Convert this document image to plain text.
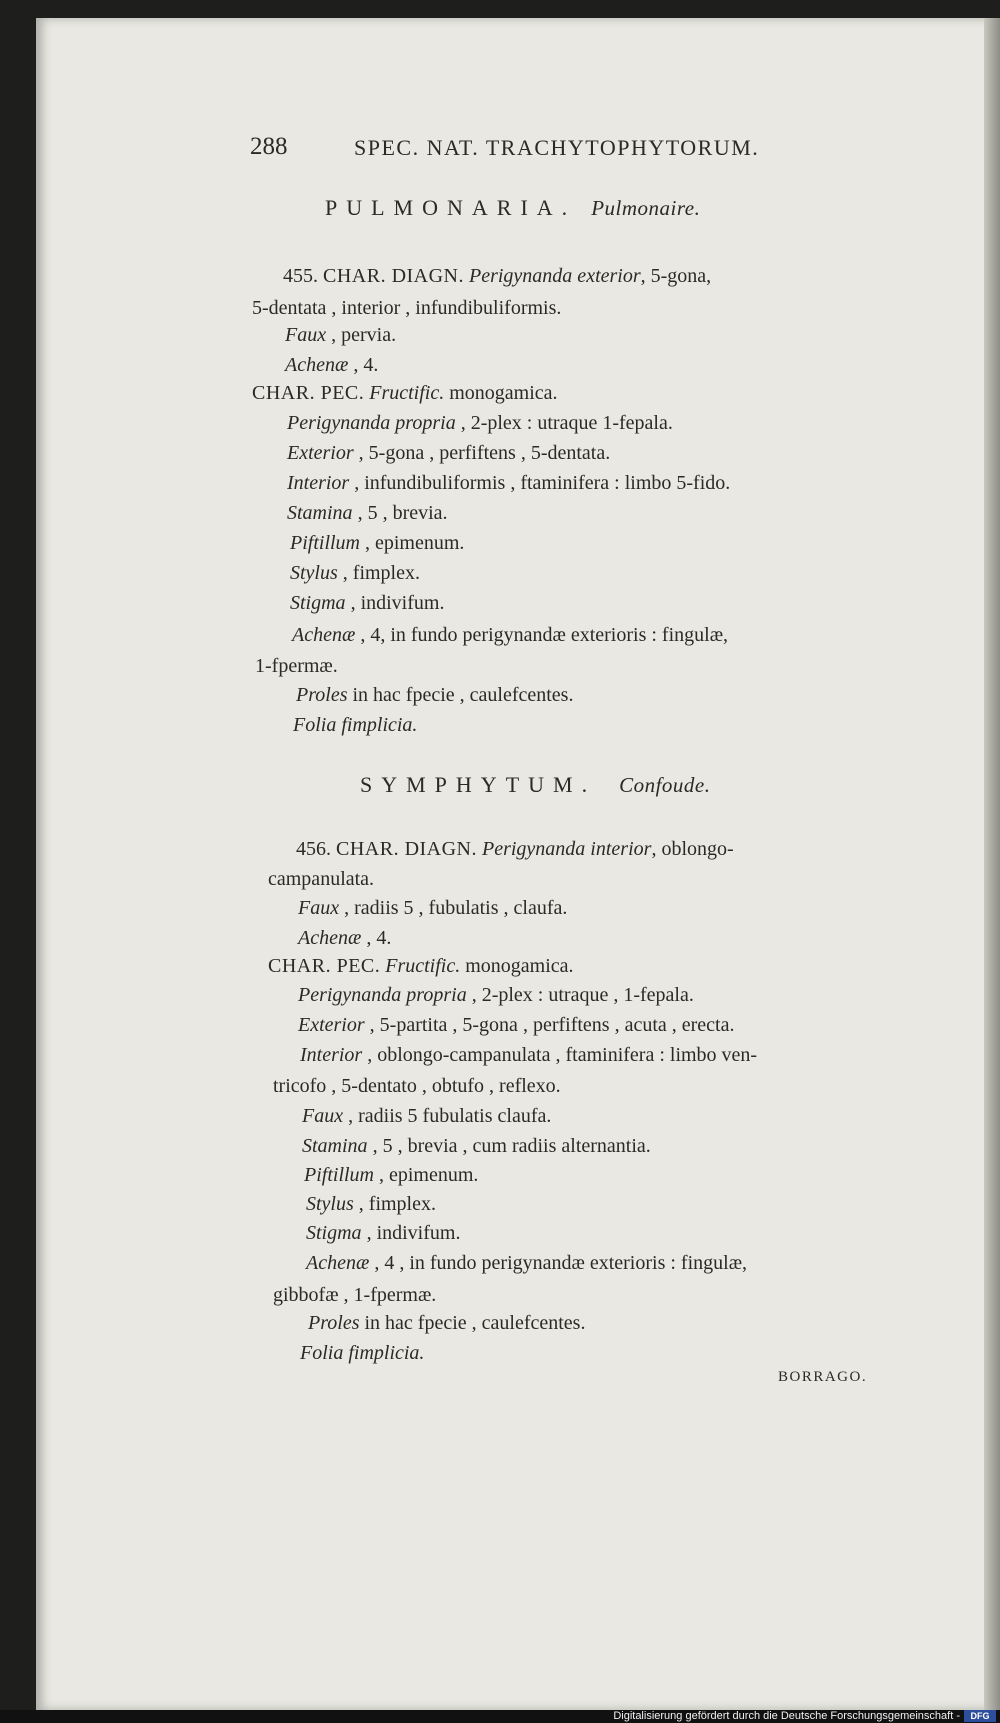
288	SPEC. NAT. TRACHYTOPHYTORUM.
PULMONARIA. Pulmonaire.
455. CHAR. DIAGN. Perigynanda exterior, 5-gona,
5-dentata , interior , infundibuliformis.
Faux , pervia.
Achenæ , 4.
CHAR. PEC. Fructific. monogamica.
Perigynanda propria , 2-plex : utraque 1-fepala.
Exterior , 5-gona , perfiftens , 5-dentata.
Interior , infundibuliformis , ftaminifera : limbo 5-fido.
Stamina , 5 , brevia.
Piftillum , epimenum.
Stylus , fimplex.
Stigma , indivifum.
Achenæ , 4, in fundo perigynandæ exterioris : fingulæ,
1-fpermæ.
Proles in hac fpecie , caulefcentes.
Folia fimplicia.
SYMPHYTUM. Confoude.
456. CHAR. DIAGN. Perigynanda interior, oblongo-
campanulata.
Faux , radiis 5 , fubulatis , claufa.
Achenæ , 4.
CHAR. PEC. Fructific. monogamica.
Perigynanda propria , 2-plex : utraque , 1-fepala.
Exterior , 5-partita , 5-gona , perfiftens , acuta , erecta.
Interior , oblongo-campanulata , ftaminifera : limbo ven-
tricofo , 5-dentato , obtufo , reflexo.
Faux , radiis 5 fubulatis claufa.
Stamina , 5 , brevia , cum radiis alternantia.
Piftillum , epimenum.
Stylus , fimplex.
Stigma , indivifum.
Achenæ , 4 , in fundo perigynandæ exterioris : fingulæ,
gibbofæ , 1-fpermæ.
Proles in hac fpecie , caulefcentes.
Folia fimplicia.
BORRAGO.
Digitalisierung gefördert durch die Deutsche Forschungsgemeinschaft -	DFG
